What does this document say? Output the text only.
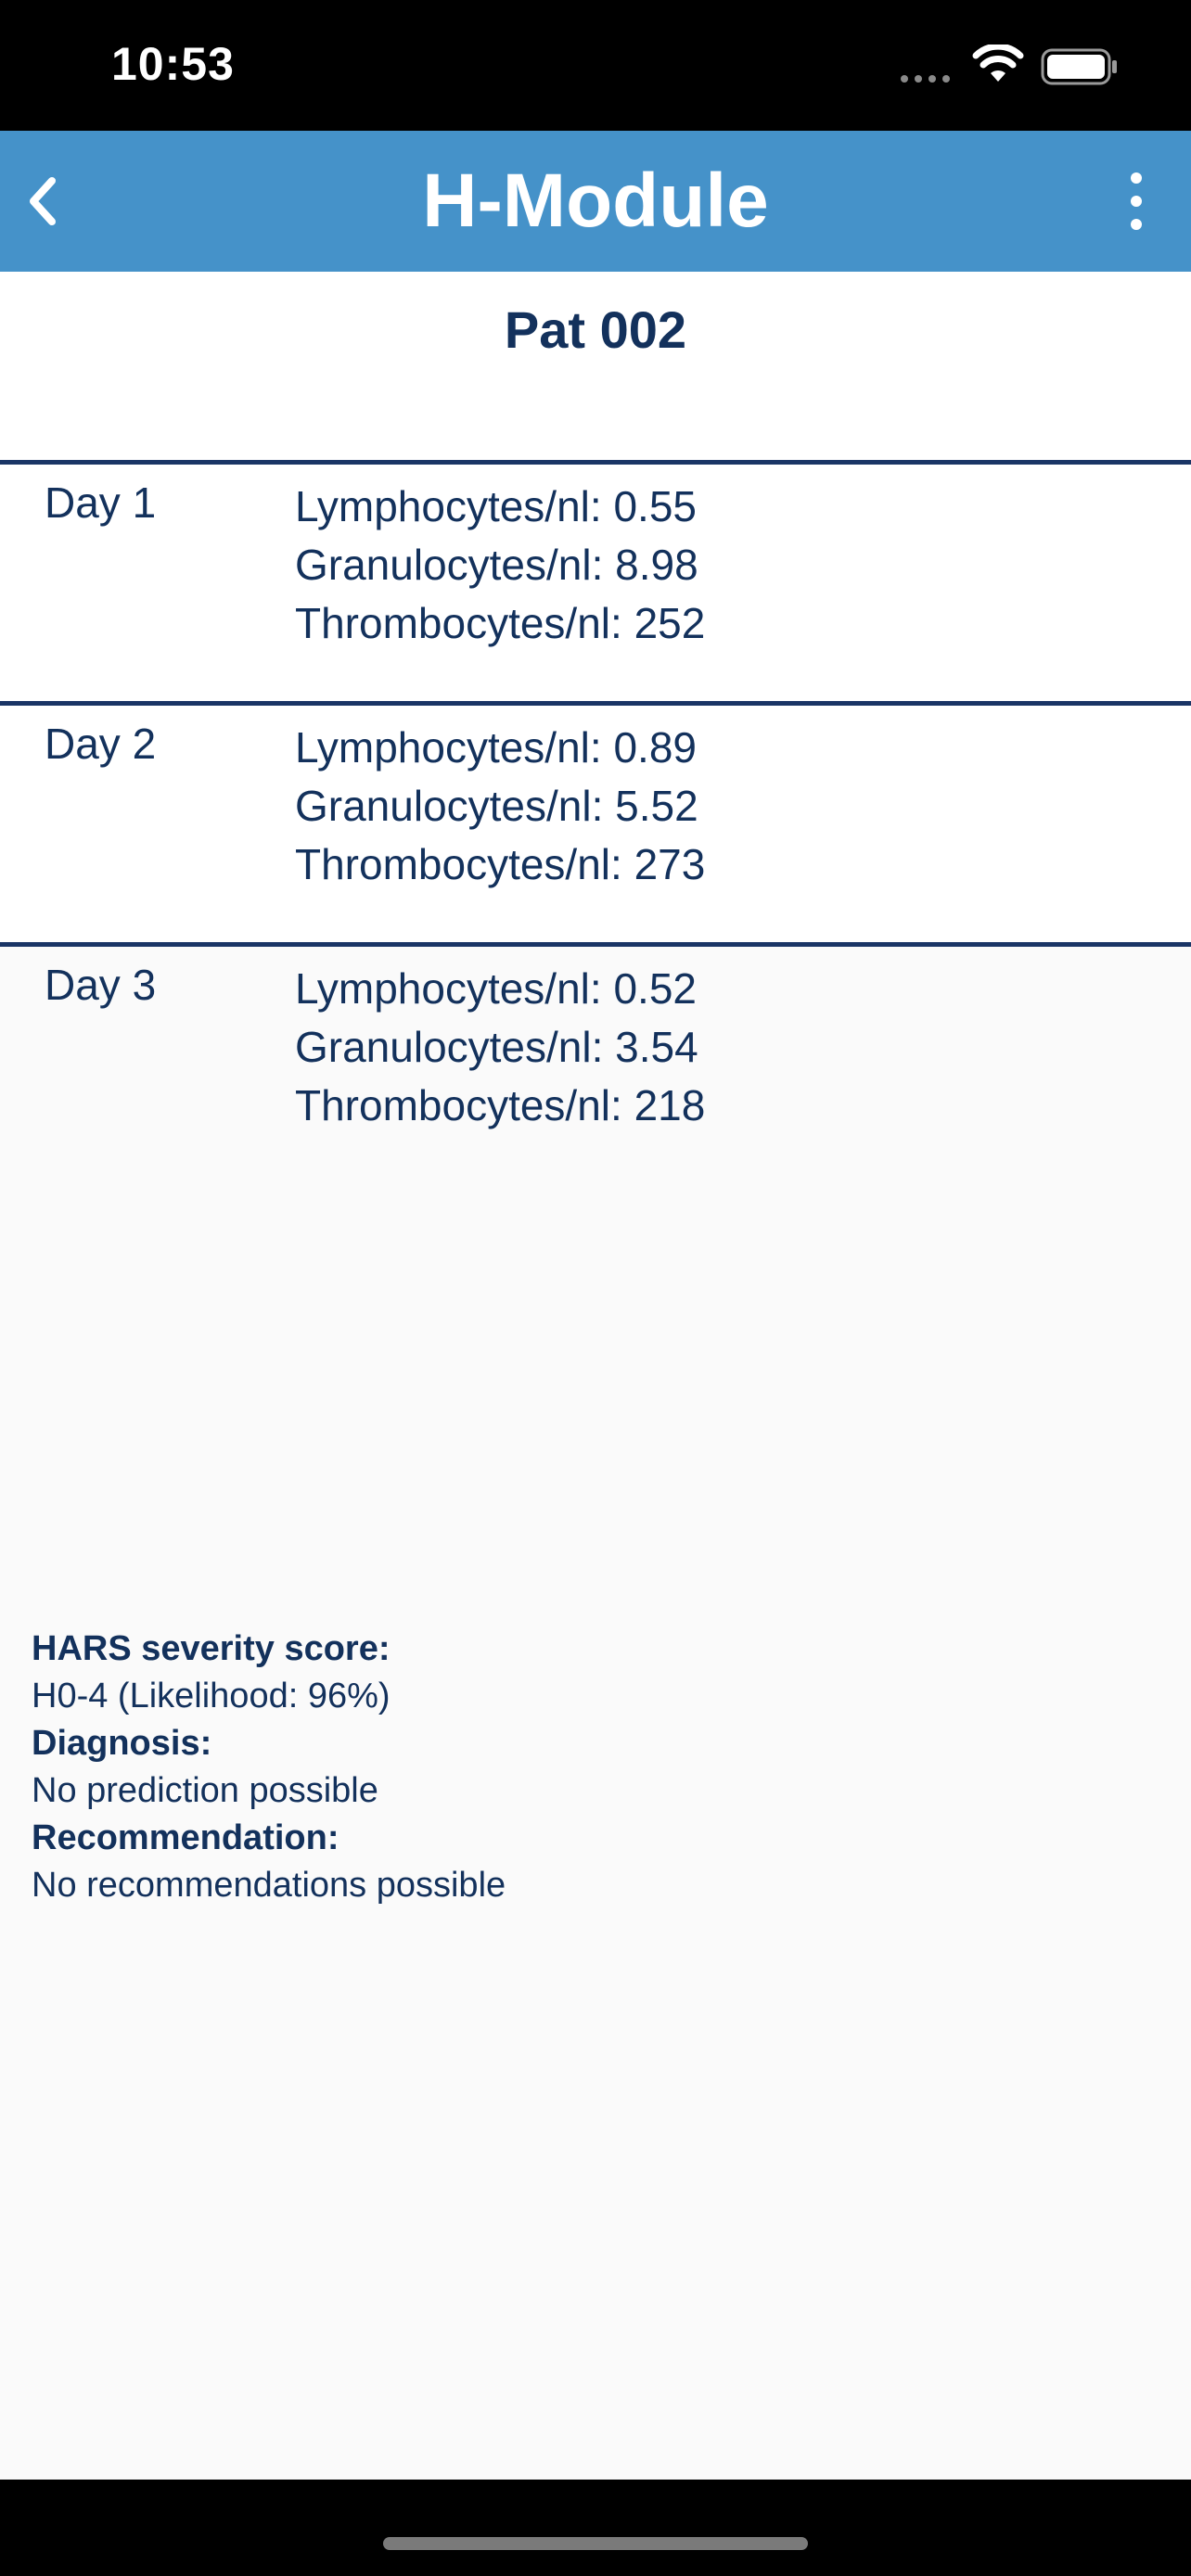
10:53
H-Module
Pat 002
Day 1	Lymphocytes/nl: 0.55
Granulocytes/nl: 8.98
Thrombocytes/nl: 252
Day 2	Lymphocytes/nl: 0.89
Granulocytes/nl: 5.52
Thrombocytes/nl: 273
Day 3	Lymphocytes/nl: 0.52
Granulocytes/nl: 3.54
Thrombocytes/nl: 218
HARS severity score:
H0-4 (Likelihood: 96%)
Diagnosis:
No prediction possible
Recommendation:
No recommendations possible
